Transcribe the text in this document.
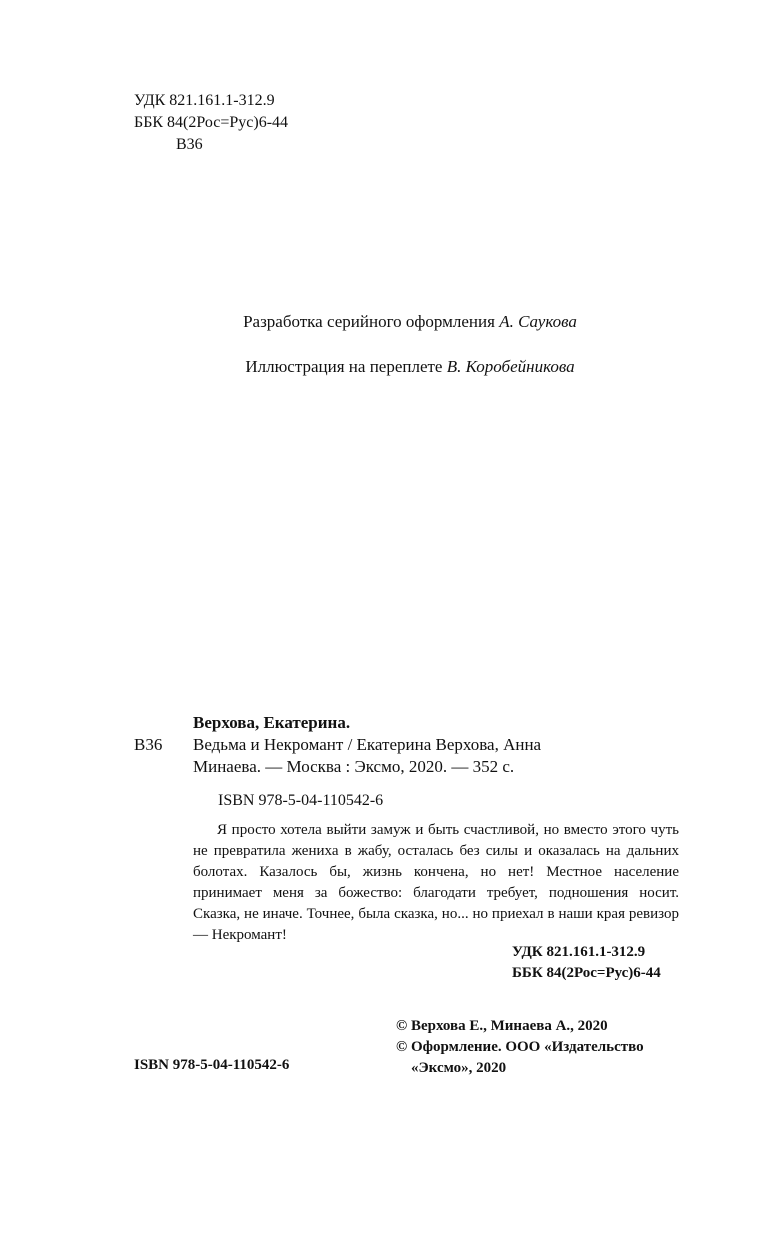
УДК 821.161.1-312.9
ББК 84(2Рос=Рус)6-44
В36
Разработка серийного оформления А. Саукова
Иллюстрация на переплете В. Коробейникова
Верхова, Екатерина.
В36 Ведьма и Некромант / Екатерина Верхова, Анна
Минаева. — Москва : Эксмо, 2020. — 352 с.
ISBN 978-5-04-110542-6

Я просто хотела выйти замуж и быть счастливой, но вместо этого чуть не превратила жениха в жабу, осталась без силы и оказалась на дальних болотах. Казалось бы, жизнь кончена, но нет! Местное население принимает меня за божество: благодати требует, подношения носит. Сказка, не иначе. Точнее, была сказка, но... но приехал в наши края ревизор — Некромант!

УДК 821.161.1-312.9
ББК 84(2Рос=Рус)6-44
© Верхова Е., Минаева А., 2020
© Оформление. ООО «Издательство
«Эксмо», 2020
ISBN 978-5-04-110542-6
